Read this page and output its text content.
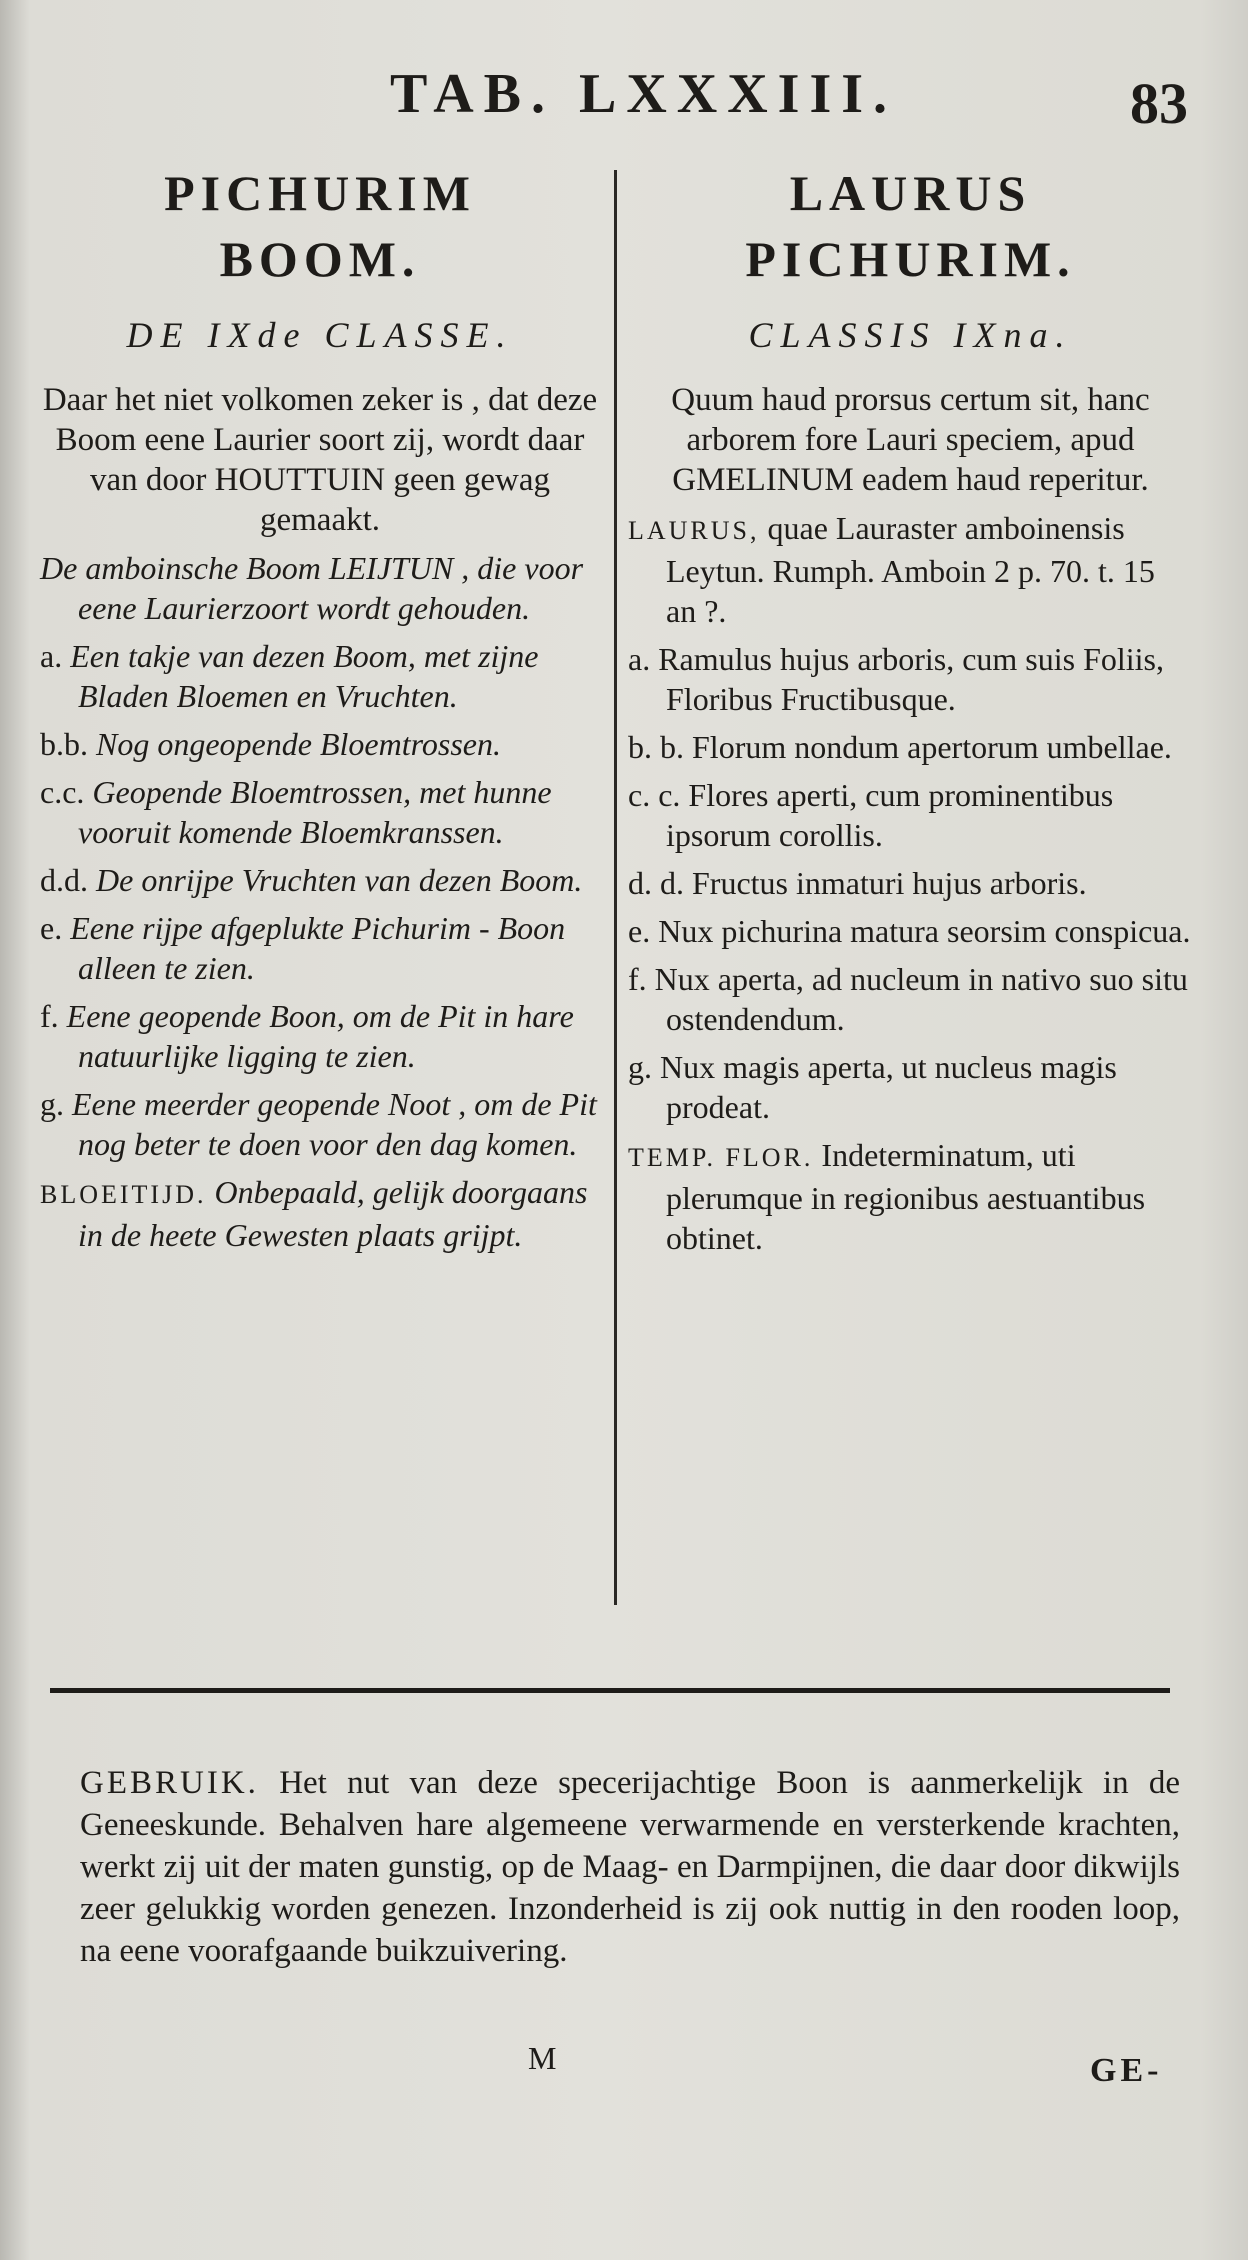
TAB. LXXXIII.	83
PICHURIM
BOOM.
DE IXde CLASSE.
Daar het niet volkomen zeker is , dat deze Boom eene Laurier soort zij, wordt daar van door HOUTTUIN geen gewag gemaakt.
De amboinsche Boom LEIJTUN , die voor eene Laurierzoort wordt gehouden.
a. Een takje van dezen Boom, met zijne Bladen Bloemen en Vruchten.
b.b. Nog ongeopende Bloemtrossen.
c.c. Geopende Bloemtrossen, met hunne vooruit komende Bloemkranssen.
d.d. De onrijpe Vruchten van dezen Boom.
e. Eene rijpe afgeplukte Pichurim - Boon alleen te zien.
f. Eene geopende Boon, om de Pit in hare natuurlijke ligging te zien.
g. Eene meerder geopende Noot , om de Pit nog beter te doen voor den dag komen.
BLOEITIJD. Onbepaald, gelijk doorgaans in de heete Gewesten plaats grijpt.
LAURUS
PICHURIM.
CLASSIS IXna.
Quum haud prorsus certum sit, hanc arborem fore Lauri speciem, apud GMELINUM eadem haud reperitur.
LAURUS, quae Lauraster amboinensis Leytun. Rumph. Amboin 2 p. 70. t. 15 an ?.
a. Ramulus hujus arboris, cum suis Foliis, Floribus Fructibusque.
b. b. Florum nondum apertorum umbellae.
c. c. Flores aperti, cum prominentibus ipsorum corollis.
d. d. Fructus inmaturi hujus arboris.
e. Nux pichurina matura seorsim conspicua.
f. Nux aperta, ad nucleum in nativo suo situ ostendendum.
g. Nux magis aperta, ut nucleus magis prodeat.
TEMP. FLOR. Indeterminatum, uti plerumque in regionibus aestuantibus obtinet.
GEBRUIK. Het nut van deze specerijachtige Boon is aanmerkelijk in de Geneeskunde. Behalven hare algemeene verwarmende en versterkende krachten, werkt zij uit der maten gunstig, op de Maag- en Darmpijnen, die daar door dikwijls zeer gelukkig worden genezen. Inzonderheid is zij ook nuttig in den rooden loop, na eene voorafgaande buikzuivering.
M	GE-
